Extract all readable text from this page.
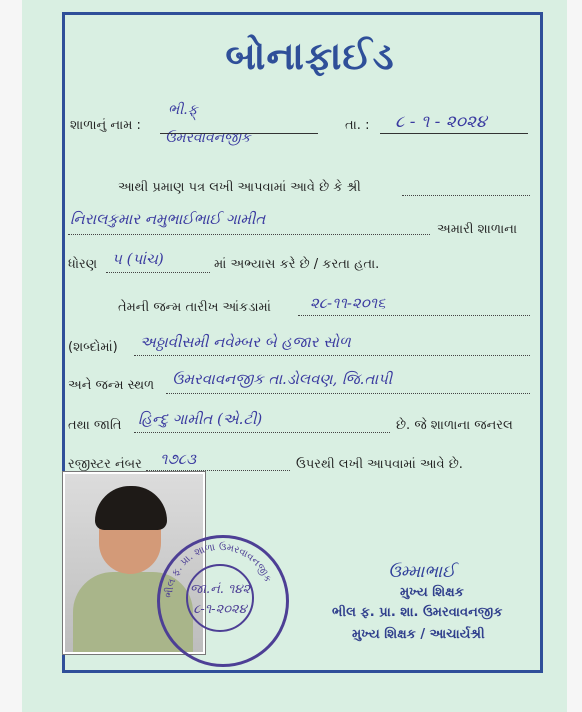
બોનાફાઈડ
શાળાનું નામ :
ભી.ફ્
ઉમરવાવનજીક
તા. : ૮ - ૧ - ૨૦૨૪
આથી પ્રમાણ પત્ર લખી આપવામાં આવે છે કે શ્રી
નિરાલકુમાર નમુભાઈભાઈ ગામીત
અમારી શાળાના
ધોરણ ૫ (પાંચ)	માં અભ્યાસ કરે છે / કરતા હતા.
તેમની જન્મ તારીખ આંકડામાં	૨૮-૧૧-૨૦૧૬
(શબ્દોમાં) અઠ્ઠાવીસમી નવેમ્બર બે હજાર સોળ
અને જન્મ સ્થળ ઉમરવાવનજીક તા.ડોલવણ, જિ.તાપી
તથા જાતિ હિન્દુ ગામીત (એ.ટી)	છે. જે શાળાના જનરલ
રજીસ્ટર નંબર ૧૭૮૩	ઉપરથી લખી આપવામાં આવે છે.
ભીલ ફ. પ્રા. શાળા ઉમરવાવનજીક
જા.નં. ૧૪૨
૮-૧-૨૦૨૪
ઉમ્માભાઈ
મુખ્ય શિક્ષક
ભીલ ફ. પ્રા. શા. ઉમરવાવનજીક
મુખ્ય શિક્ષક / આચાર્યશ્રી
